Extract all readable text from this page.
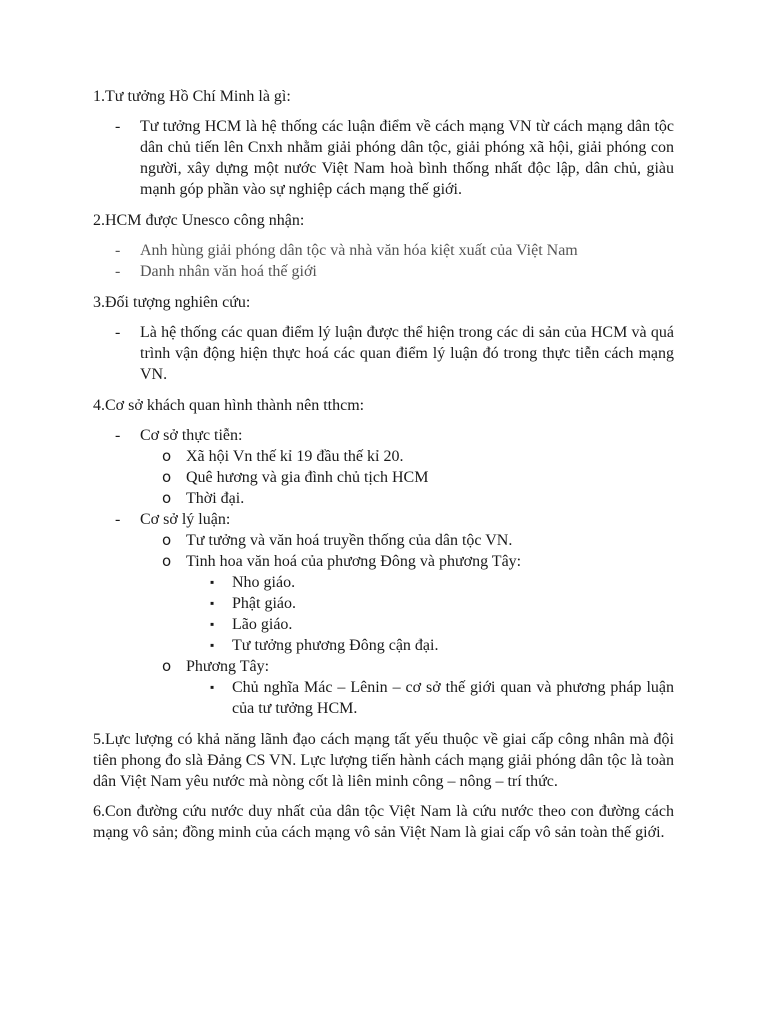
1.Tư tưởng Hồ Chí Minh là gì:

- Tư tưởng HCM là hệ thống các luận điểm về cách mạng VN từ cách mạng dân tộc dân chủ tiến lên Cnxh nhằm giải phóng dân tộc, giải phóng xã hội, giải phóng con người, xây dựng một nước Việt Nam hoà bình thống nhất độc lập, dân chủ, giàu mạnh góp phần vào sự nghiệp cách mạng thế giới.

2.HCM được Unesco công nhận:

- Anh hùng giải phóng dân tộc và nhà văn hóa kiệt xuất của Việt Nam
- Danh nhân văn hoá thế giới

3.Đối tượng nghiên cứu:

- Là hệ thống các quan điểm lý luận được thể hiện trong các di sản của HCM và quá trình vận động hiện thực hoá các quan điểm lý luận đó trong thực tiễn cách mạng VN.

4.Cơ sở khách quan hình thành nên tthcm:

- Cơ sở thực tiễn:
o Xã hội Vn thế kỉ 19 đầu thế kỉ 20.
o Quê hương và gia đình chủ tịch HCM
o Thời đại.
- Cơ sở lý luận:
o Tư tưởng và văn hoá truyền thống của dân tộc VN.
o Tinh hoa văn hoá của phương Đông và phương Tây:
▪ Nho giáo.
▪ Phật giáo.
▪ Lão giáo.
▪ Tư tưởng phương Đông cận đại.
o Phương Tây:
▪ Chủ nghĩa Mác – Lênin – cơ sở thế giới quan và phương pháp luận của tư tưởng HCM.

5.Lực lượng có khả năng lãnh đạo cách mạng tất yếu thuộc về giai cấp công nhân mà đội tiên phong đo slà Đảng CS VN. Lực lượng tiến hành cách mạng giải phóng dân tộc là toàn dân Việt Nam yêu nước mà nòng cốt là liên minh công – nông – trí thức.

6.Con đường cứu nước duy nhất của dân tộc Việt Nam là cứu nước theo con đường cách mạng vô sản; đồng minh của cách mạng vô sản Việt Nam là giai cấp vô sản toàn thế giới.
